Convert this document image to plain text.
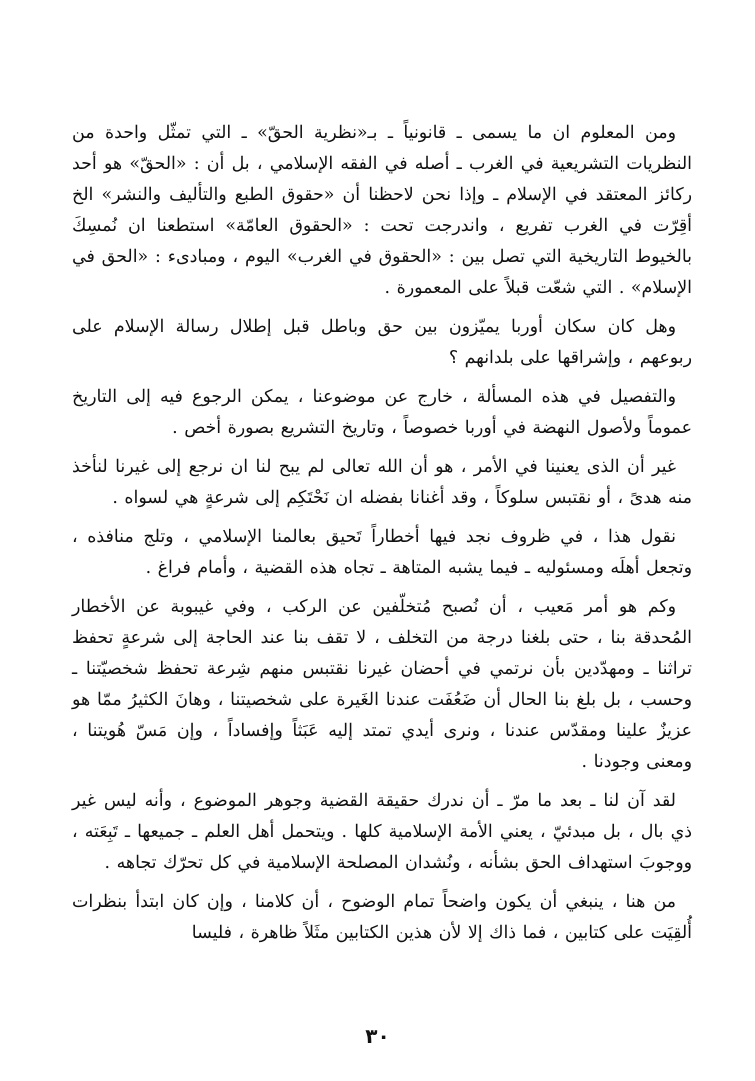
ومن المعلوم ان ما يسمى ـ قانونياً ـ بـ«نظرية الحقّ» ـ التي تمثّل واحدة من النظريات التشريعية في الغرب ـ أصله في الفقه الإسلامي ، بل أن : «الحقّ» هو أحد ركائز المعتقد في الإسلام ـ وإذا نحن لاحظنا أن «حقوق الطبع والتأليف والنشر» الخ أقِرّت في الغرب تفريع ، واندرجت تحت : «الحقوق العامّة» استطعنا ان نُمسِكَ بالخيوط التاريخية التي تصل بين : «الحقوق في الغرب» اليوم ، ومبادىء : «الحق في الإسلام» . التي شعّت قبلاً على المعمورة .

وهل كان سكان أوربا يميّزون بين حق وباطل قبل إطلال رسالة الإسلام على ربوعهم ، وإشراقها على بلدانهم ؟

والتفصيل في هذه المسألة ، خارج عن موضوعنا ، يمكن الرجوع فيه إلى التاريخ عموماً ولأصول النهضة في أوربا خصوصاً ، وتاريخ التشريع بصورة أخص .

غير أن الذى يعنينا في الأمر ، هو أن الله تعالى لم يبح لنا ان نرجع إلى غيرنا لنأخذ منه هدىً ، أو نقتبس سلوكاً ، وقد أغنانا بفضله ان نَحْتَكِم إلى شرعةٍ هي لسواه .

نقول هذا ، في ظروف نجد فيها أخطاراً تَحيق بعالمنا الإسلامي ، وتلج منافذه ، وتجعل أهلَه ومسئوليه ـ فيما يشبه المتاهة ـ تجاه هذه القضية ، وأمام فراغ .

وكم هو أمر مَعيب ، أن نُصبح مُتخلّفين عن الركب ، وفي غيبوبة عن الأخطار المُحدقة بنا ، حتى بلغنا درجة من التخلف ، لا تقف بنا عند الحاجة إلى شرعةٍ تحفظ تراثنا ـ ومهدّدين بأن نرتمي في أحضان غيرنا نقتبس منهم شِرعة تحفظ شخصيّتنا ـ وحسب ، بل بلغ بنا الحال أن ضَعُفَت عندنا الغَيرة على شخصيتنا ، وهانَ الكثيرُ ممّا هو عزيزٌ علينا ومقدّس عندنا ، ونرى أيدي تمتد إليه عَبَثاً وإفساداً ، وإن مَسّ هُويتنا ، ومعنى وجودنا .

لقد آن لنا ـ بعد ما مرّ ـ أن ندرك حقيقة القضية وجوهر الموضوع ، وأنه ليس غير ذي بال ، بل مبدئيّ ، يعني الأمة الإسلامية كلها . ويتحمل أهل العلم ـ جميعها ـ تَبِعَته ، ووجوبَ استهداف الحق بشأنه ، ونُشدان المصلحة الإسلامية في كل تحرّك تجاهه .

من هنا ، ينبغي أن يكون واضحاً تمام الوضوح ، أن كلامنا ، وإن كان ابتدأ بنظرات أُلقِيَت على كتابين ، فما ذاك إلا لأن هذين الكتابين مثَلاً ظاهرة ، فليسا

٣٠
